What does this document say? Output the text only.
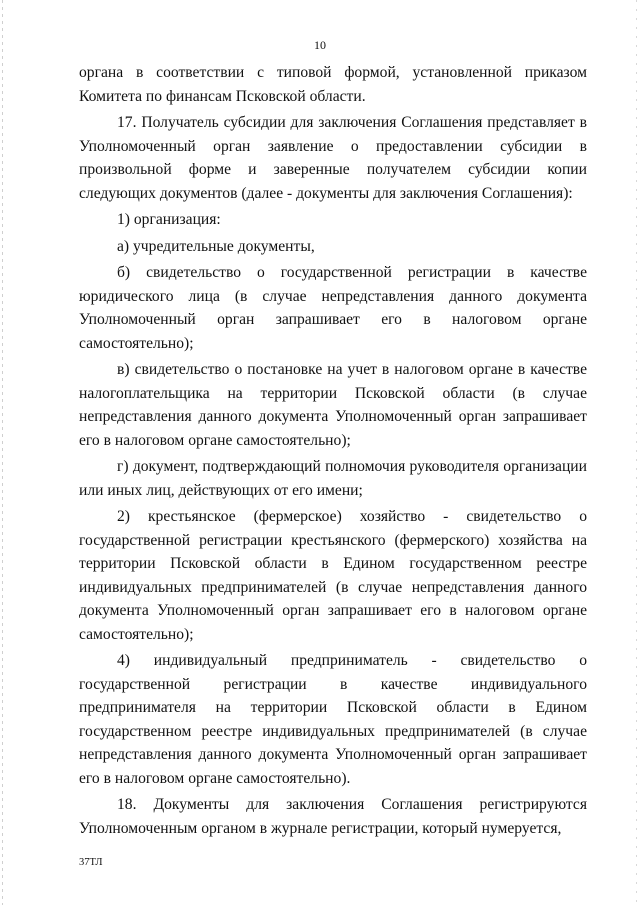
10

органа в соответствии с типовой формой, установленной приказом Комитета по финансам Псковской области.

17. Получатель субсидии для заключения Соглашения представляет в Уполномоченный орган заявление о предоставлении субсидии в произвольной форме и заверенные получателем субсидии копии следующих документов (далее - документы для заключения Соглашения):

1) организация:

а) учредительные документы,

б) свидетельство о государственной регистрации в качестве юридического лица (в случае непредставления данного документа Уполномоченный орган запрашивает его в налоговом органе самостоятельно);

в) свидетельство о постановке на учет в налоговом органе в качестве налогоплательщика на территории Псковской области (в случае непредставления данного документа Уполномоченный орган запрашивает его в налоговом органе самостоятельно);

г) документ, подтверждающий полномочия руководителя организации или иных лиц, действующих от его имени;

2) крестьянское (фермерское) хозяйство - свидетельство о государственной регистрации крестьянского (фермерского) хозяйства на территории Псковской области в Едином государственном реестре индивидуальных предпринимателей (в случае непредставления данного документа Уполномоченный орган запрашивает его в налоговом органе самостоятельно);

4) индивидуальный предприниматель - свидетельство о государственной регистрации в качестве индивидуального предпринимателя на территории Псковской области в Едином государственном реестре индивидуальных предпринимателей (в случае непредставления данного документа Уполномоченный орган запрашивает его в налоговом органе самостоятельно).

18. Документы для заключения Соглашения регистрируются Уполномоченным органом в журнале регистрации, который нумеруется,

37ТЛ
